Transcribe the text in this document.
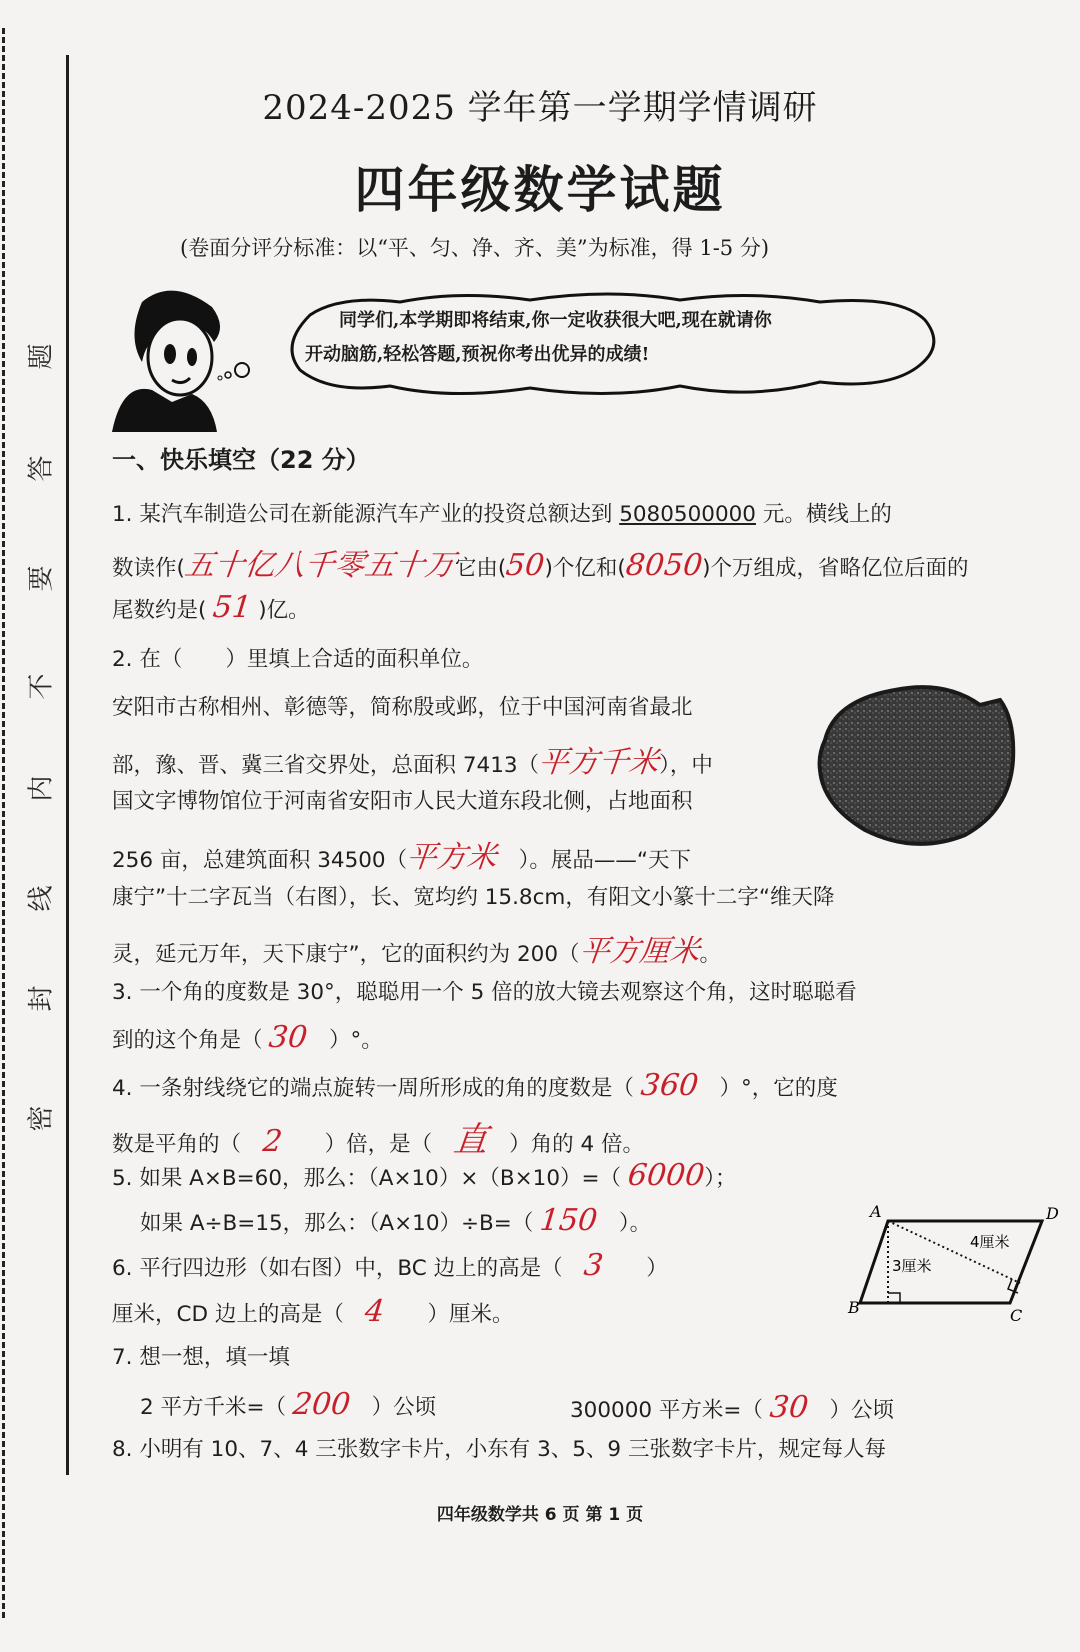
题
答
要
不
内
线
封
密
2024-2025 学年第一学期学情调研
四年级数学试题
(卷面分评分标准：以“平、匀、净、齐、美”为标准，得 1-5 分)
同学们,本学期即将结束,你一定收获很大吧,现在就请你
开动脑筋,轻松答题,预祝你考出优异的成绩!
一、快乐填空（22 分）
1. 某汽车制造公司在新能源汽车产业的投资总额达到 5080500000 元。横线上的
数读作(五十亿八千零五十万它由(50)个亿和(8050)个万组成，省略亿位后面的
尾数约是( 51 )亿。
2. 在（　　）里填上合适的面积单位。
安阳市古称相州、彰德等，简称殷或邺，位于中国河南省最北
部，豫、晋、冀三省交界处，总面积 7413（平方千米），中
国文字博物馆位于河南省安阳市人民大道东段北侧，占地面积
256 亩，总建筑面积 34500（平方米　）。展品——“天下
康宁”十二字瓦当（右图），长、宽均约 15.8cm，有阳文小篆十二字“维天降
灵，延元万年，天下康宁”，它的面积约为 200（平方厘米。
3. 一个角的度数是 30°，聪聪用一个 5 倍的放大镜去观察这个角，这时聪聪看
到的这个角是（ 30　）°。
4. 一条射线绕它的端点旋转一周所形成的角的度数是（ 360　）°，它的度
数是平角的（　 2　　）倍，是（　 直　）角的 4 倍。
5. 如果 A×B=60，那么：（A×10）×（B×10）=（ 6000）；
如果 A÷B=15，那么：（A×10）÷B=（ 150　）。
6. 平行四边形（如右图）中，BC 边上的高是（　 3　　）
厘米，CD 边上的高是（　 4　　）厘米。
A
B	C
D
3厘米
4厘米
7. 想一想，填一填
2 平方千米=（ 200　）公顷	300000 平方米=（ 30　）公顷
8. 小明有 10、7、4 三张数字卡片，小东有 3、5、9 三张数字卡片，规定每人每
四年级数学共 6 页 第 1 页
